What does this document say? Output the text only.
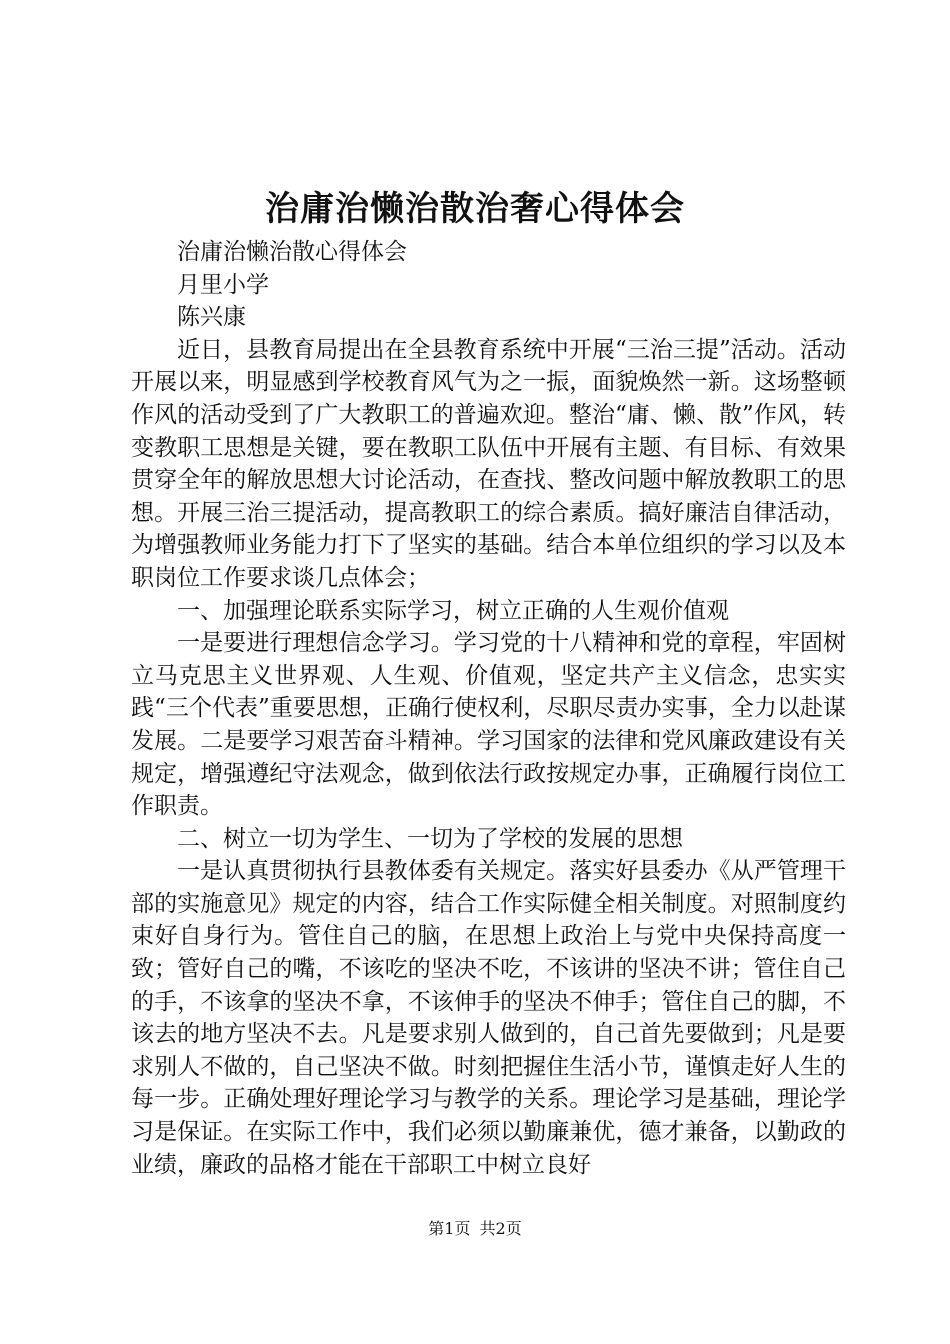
治庸治懒治散治奢心得体会

治庸治懒治散心得体会

月里小学

陈兴康

近日，县教育局提出在全县教育系统中开展“三治三提”活动。活动开展以来，明显感到学校教育风气为之一振，面貌焕然一新。这场整顿作风的活动受到了广大教职工的普遍欢迎。整治“庸、懒、散”作风，转变教职工思想是关键，要在教职工队伍中开展有主题、有目标、有效果贯穿全年的解放思想大讨论活动，在查找、整改问题中解放教职工的思想。开展三治三提活动，提高教职工的综合素质。搞好廉洁自律活动，为增强教师业务能力打下了坚实的基础。结合本单位组织的学习以及本职岗位工作要求谈几点体会；

一、加强理论联系实际学习，树立正确的人生观价值观

一是要进行理想信念学习。学习党的十八精神和党的章程，牢固树立马克思主义世界观、人生观、价值观，坚定共产主义信念，忠实实践“三个代表”重要思想，正确行使权利，尽职尽责办实事，全力以赴谋发展。二是要学习艰苦奋斗精神。学习国家的法律和党风廉政建设有关规定，增强遵纪守法观念，做到依法行政按规定办事，正确履行岗位工作职责。

二、树立一切为学生、一切为了学校的发展的思想

一是认真贯彻执行县教体委有关规定。落实好县委办《从严管理干部的实施意见》规定的内容，结合工作实际健全相关制度。对照制度约束好自身行为。管住自己的脑，在思想上政治上与党中央保持高度一致；管好自己的嘴，不该吃的坚决不吃，不该讲的坚决不讲；管住自己的手，不该拿的坚决不拿，不该伸手的坚决不伸手；管住自己的脚，不该去的地方坚决不去。凡是要求别人做到的，自己首先要做到；凡是要求别人不做的，自己坚决不做。时刻把握住生活小节，谨慎走好人生的每一步。正确处理好理论学习与教学的关系。理论学习是基础，理论学习是保证。在实际工作中，我们必须以勤廉兼优，德才兼备，以勤政的业绩，廉政的品格才能在干部职工中树立良好

第1页 共2页
